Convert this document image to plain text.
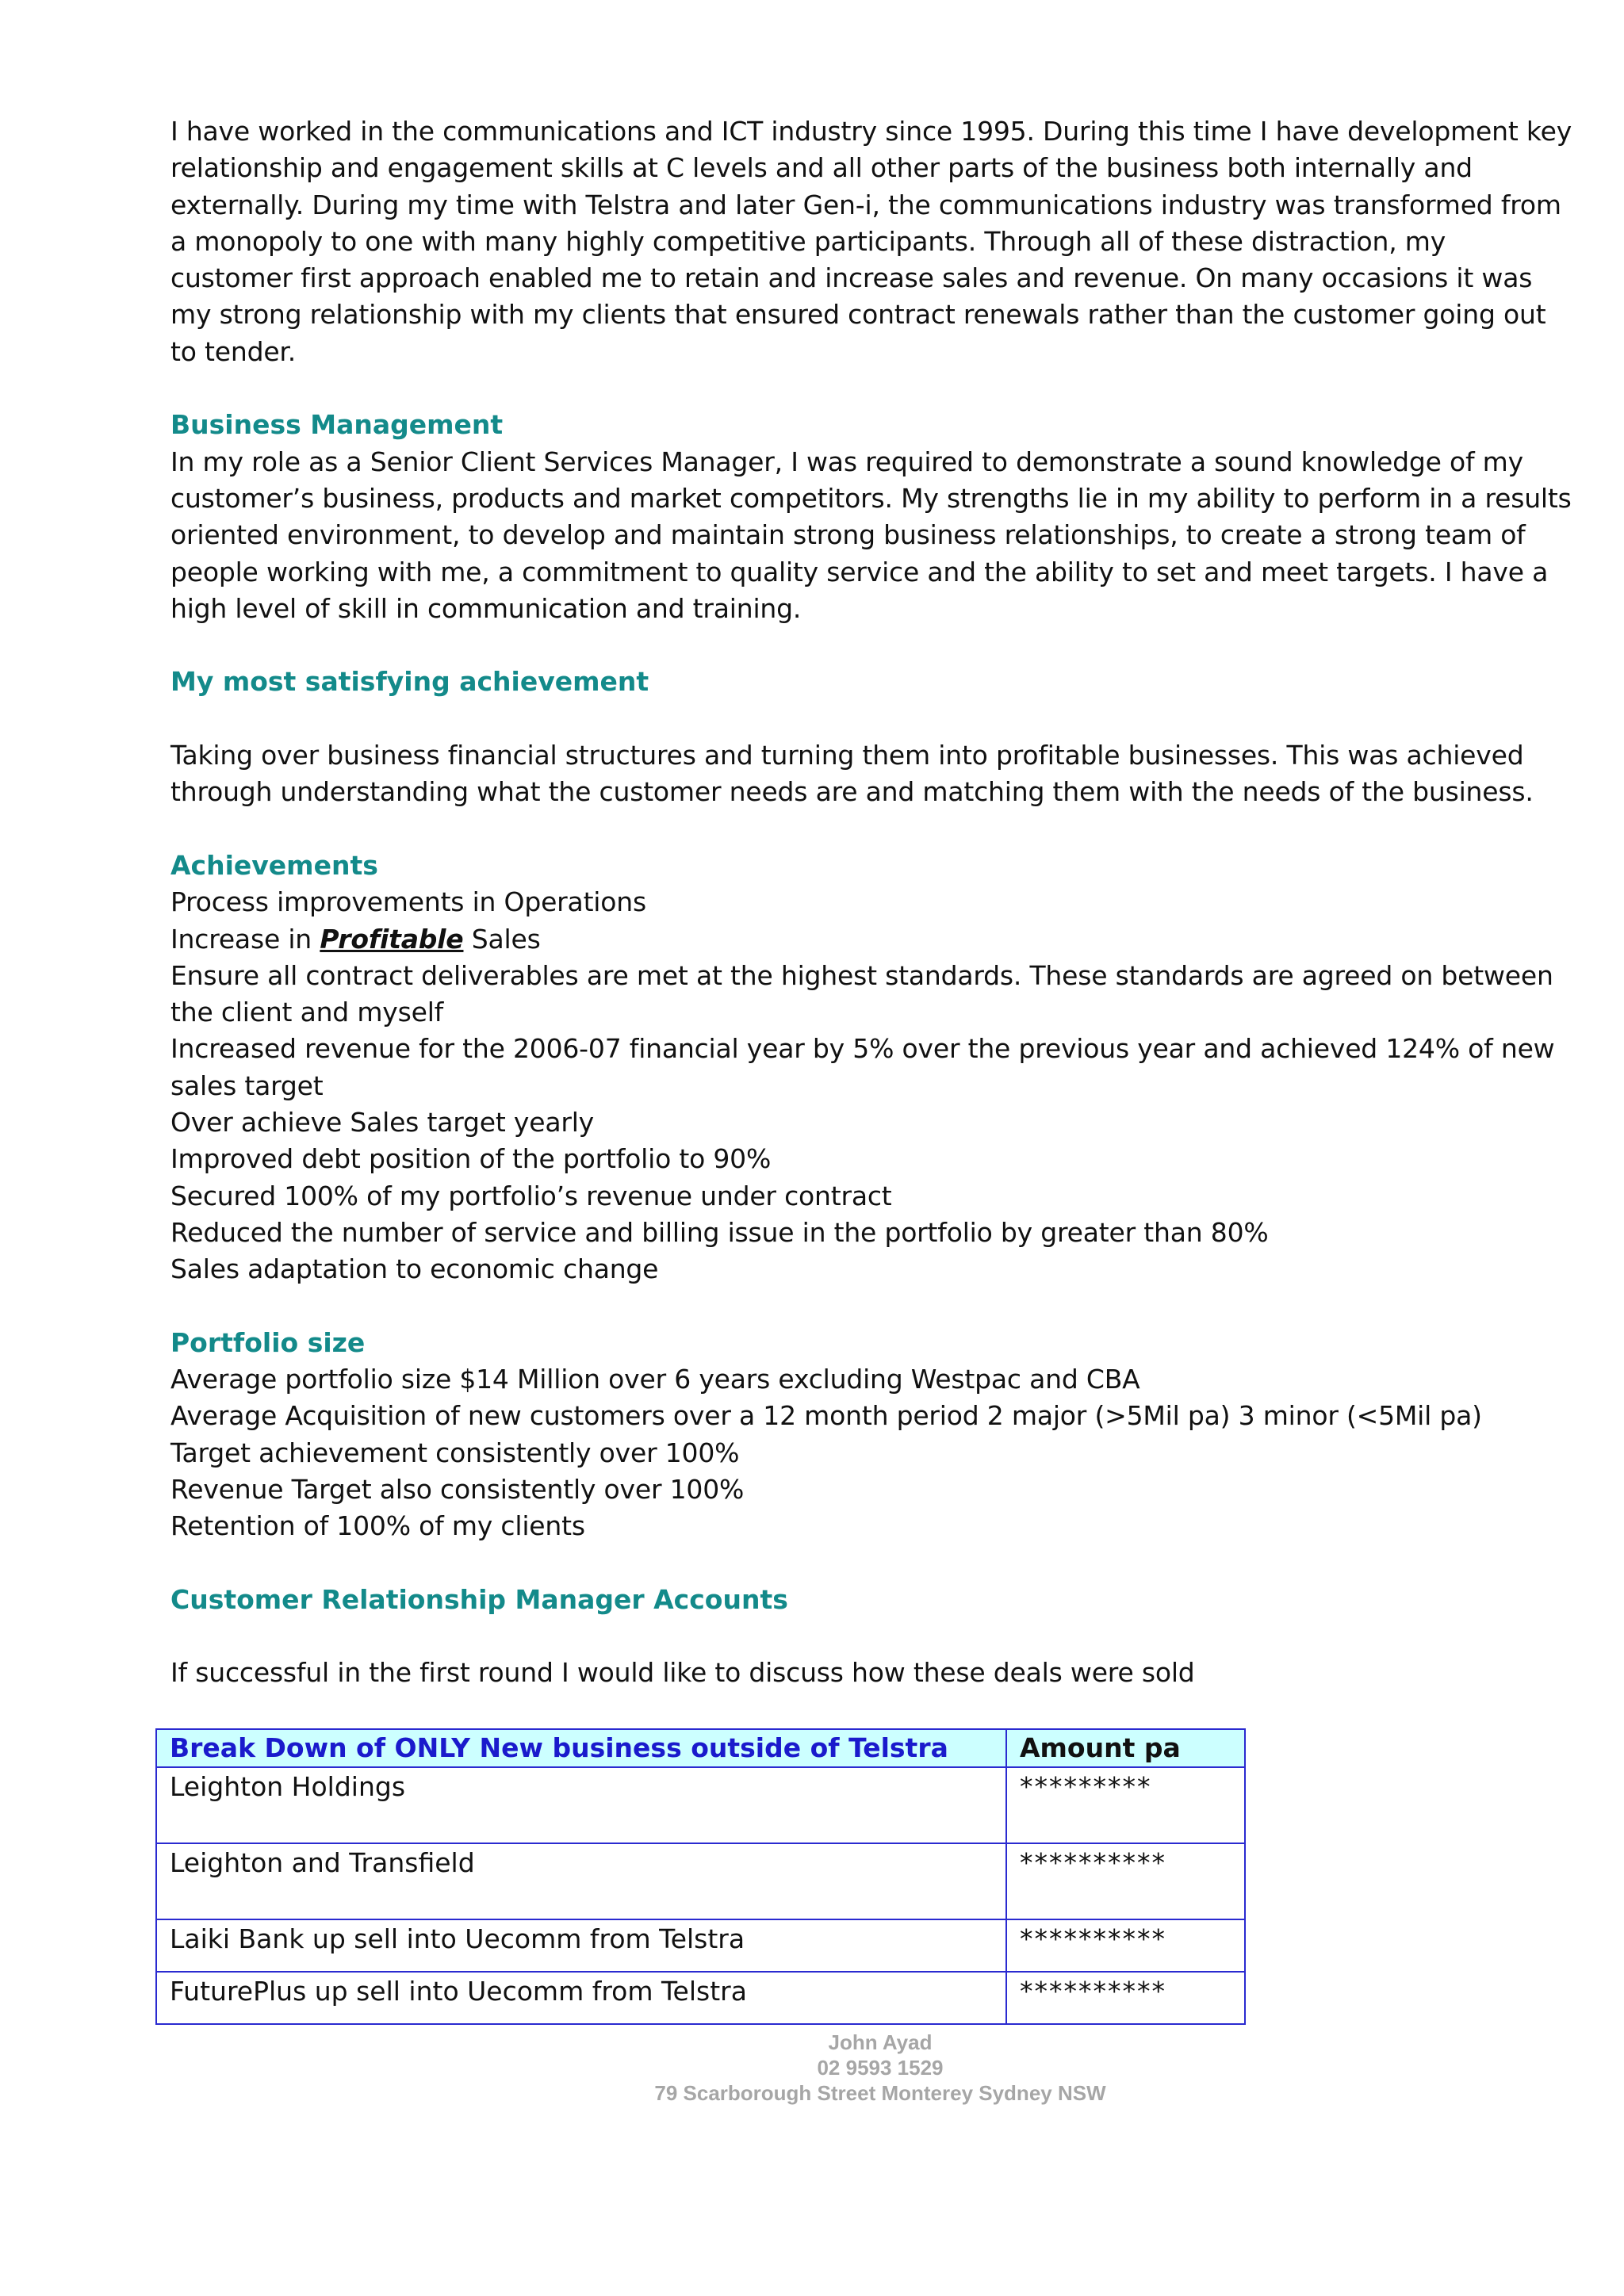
I have worked in the communications and ICT industry since 1995. During this time I have development key
relationship and engagement skills at C levels and all other parts of the business both internally and
externally. During my time with Telstra and later Gen-i, the communications industry was transformed from
a monopoly to one with many highly competitive participants. Through all of these distraction, my
customer first approach enabled me to retain and increase sales and revenue. On many occasions it was
my strong relationship with my clients that ensured contract renewals rather than the customer going out
to tender.
Business Management
In my role as a Senior Client Services Manager, I was required to demonstrate a sound knowledge of my
customer’s business, products and market competitors. My strengths lie in my ability to perform in a results
oriented environment, to develop and maintain strong business relationships, to create a strong team of
people working with me, a commitment to quality service and the ability to set and meet targets. I have a
high level of skill in communication and training.
My most satisfying achievement
Taking over business financial structures and turning them into profitable businesses. This was achieved
through understanding what the customer needs are and matching them with the needs of the business.
Achievements
Process improvements in Operations
Increase in Profitable Sales
Ensure all contract deliverables are met at the highest standards. These standards are agreed on between
the client and myself
Increased revenue for the 2006-07 financial year by 5% over the previous year and achieved 124% of new
sales target
Over achieve Sales target yearly
Improved debt position of the portfolio to 90%
Secured 100% of my portfolio’s revenue under contract
Reduced the number of service and billing issue in the portfolio by greater than 80%
Sales adaptation to economic change
Portfolio size
Average portfolio size $14 Million over 6 years excluding Westpac and CBA
Average Acquisition of new customers over a 12 month period 2 major (>5Mil pa) 3 minor (<5Mil pa)
Target achievement consistently over 100%
Revenue Target also consistently over 100%
Retention of 100% of my clients
Customer Relationship Manager Accounts
If successful in the first round I would like to discuss how these deals were sold
Break Down of ONLY New business outside of Telstra	Amount pa
Leighton Holdings	*********
Leighton and Transfield	**********
Laiki Bank up sell into Uecomm from Telstra	**********
FuturePlus up sell into Uecomm from Telstra	**********
John Ayad
02 9593 1529
79 Scarborough Street Monterey Sydney NSW
